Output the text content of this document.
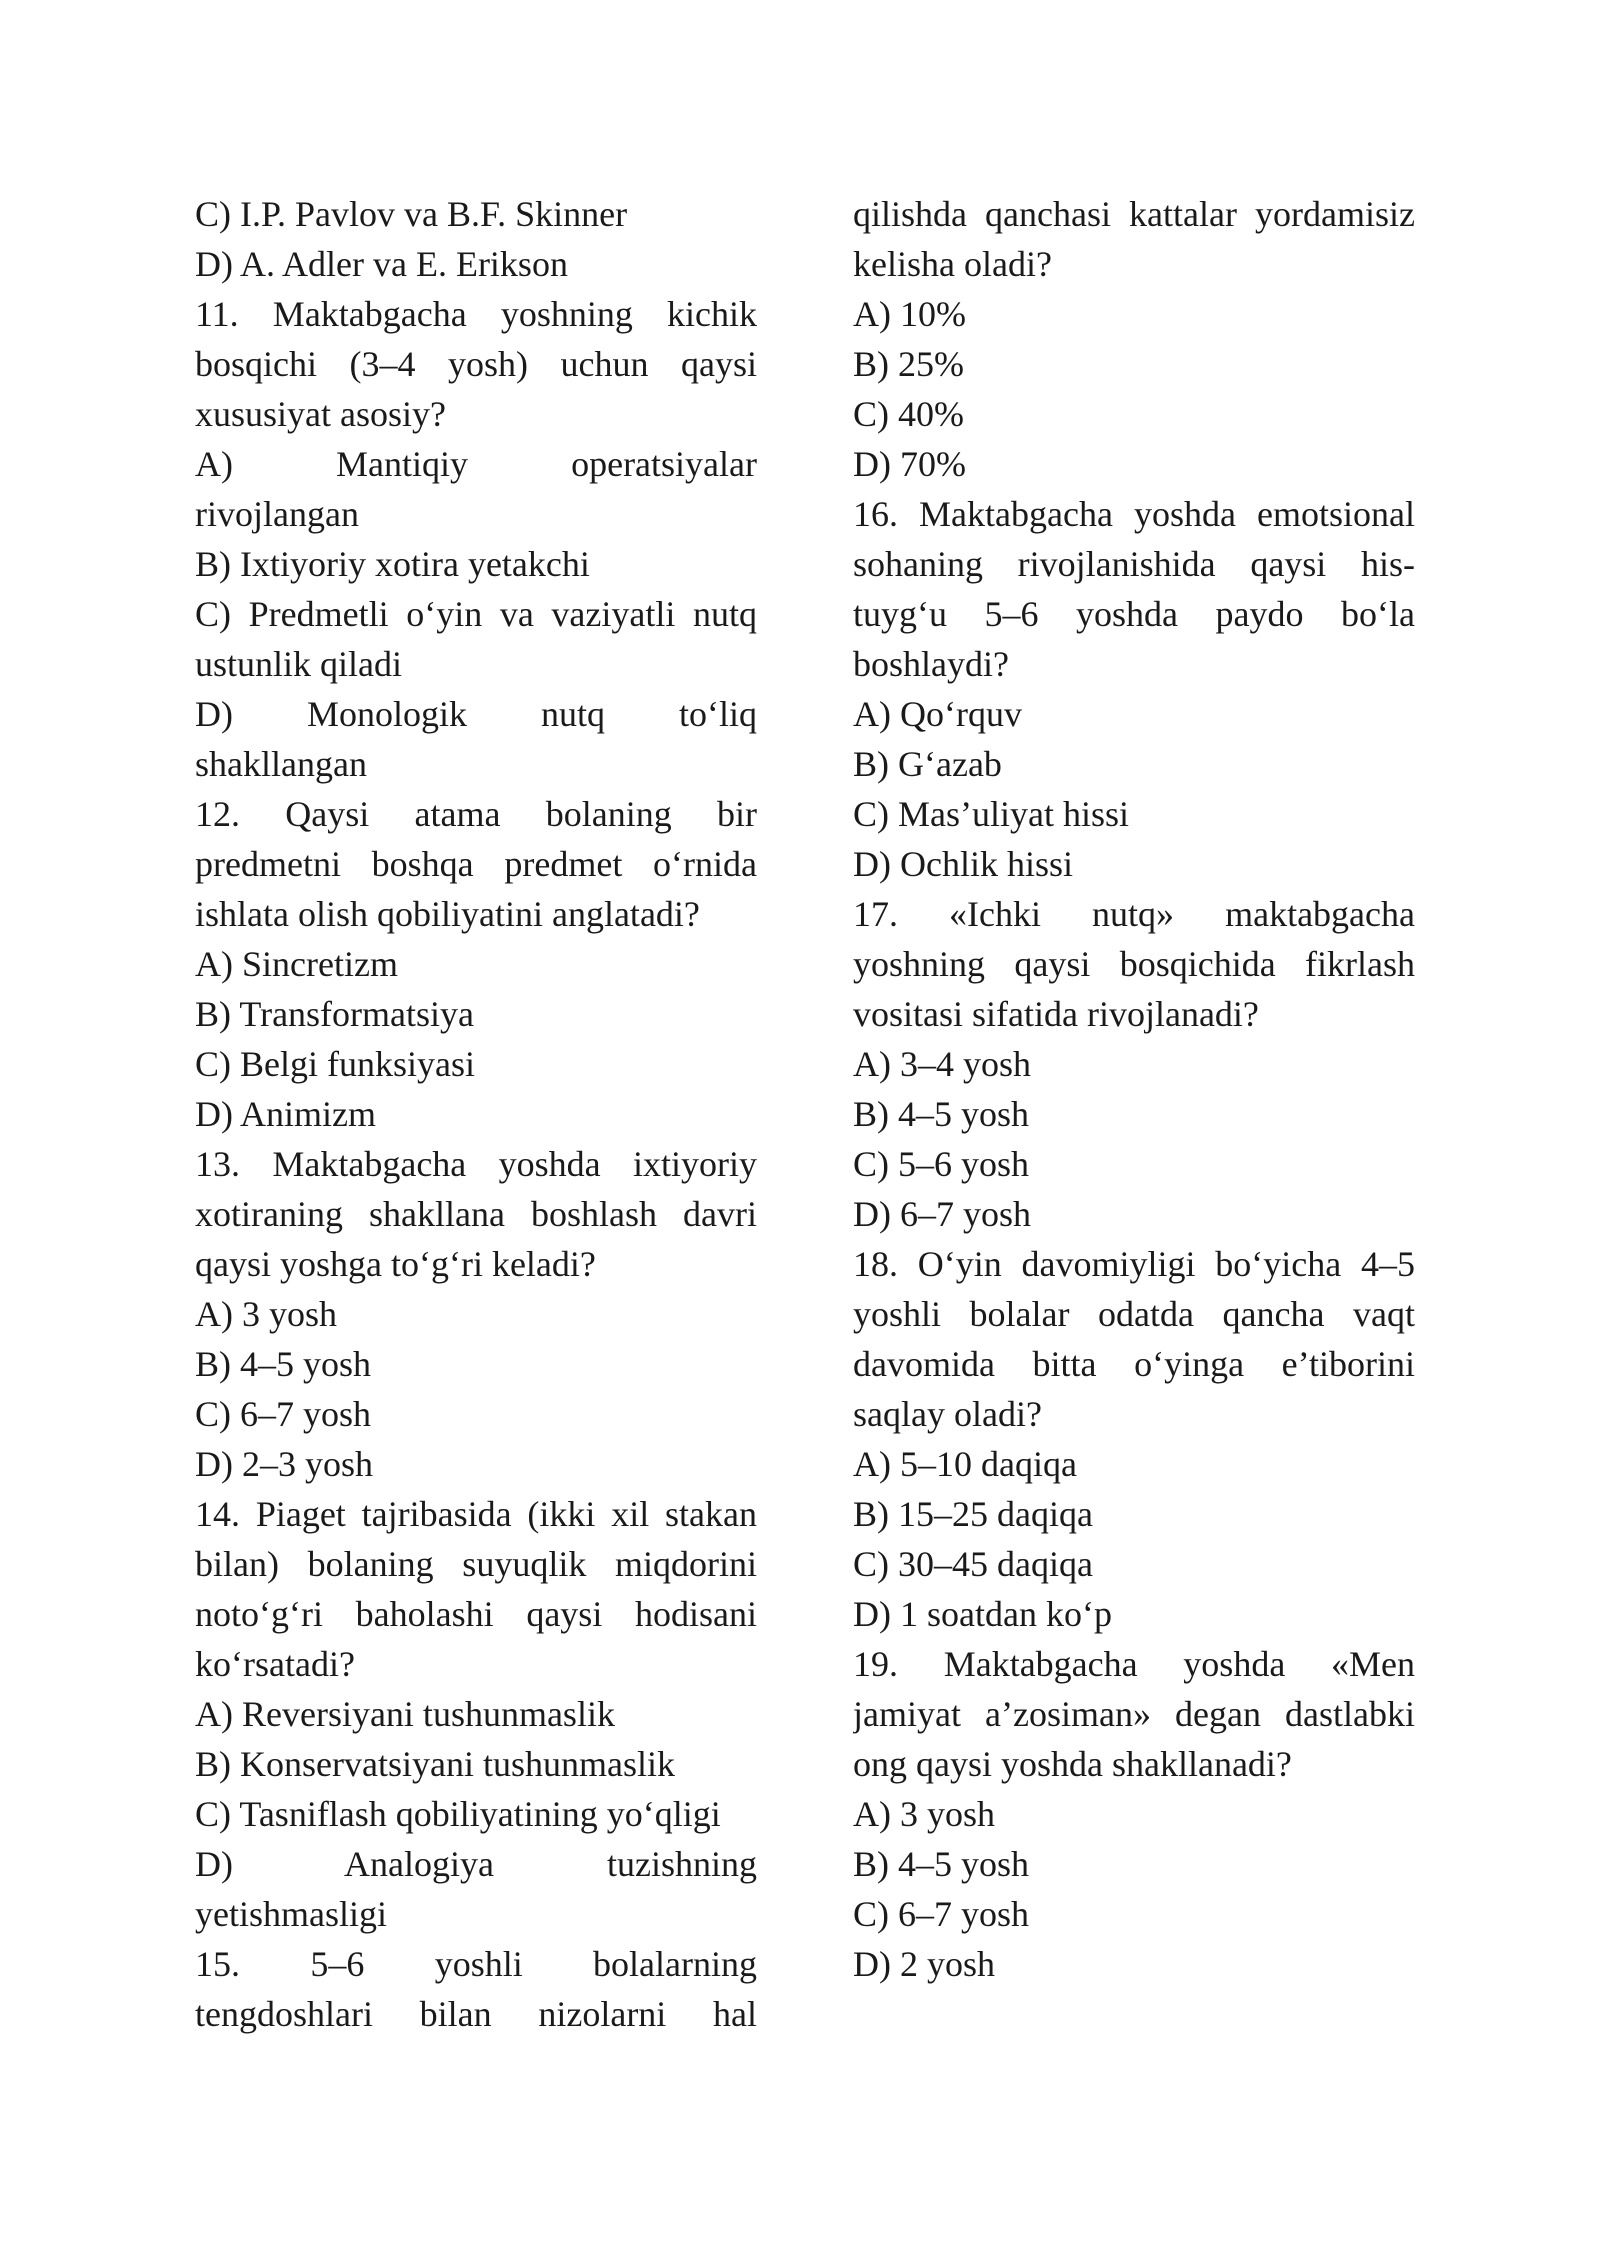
C) I.P. Pavlov va B.F. Skinner
D) A. Adler va E. Erikson
11. Maktabgacha yoshning kichik
bosqichi (3–4 yosh) uchun qaysi
xususiyat asosiy?
A) Mantiqiy operatsiyalar
rivojlangan
B) Ixtiyoriy xotira yetakchi
C) Predmetli o‘yin va vaziyatli nutq
ustunlik qiladi
D) Monologik nutq to‘liq
shakllangan
12. Qaysi atama bolaning bir
predmetni boshqa predmet o‘rnida
ishlata olish qobiliyatini anglatadi?
A) Sincretizm
B) Transformatsiya
C) Belgi funksiyasi
D) Animizm
13. Maktabgacha yoshda ixtiyoriy
xotiraning shakllana boshlash davri
qaysi yoshga to‘g‘ri keladi?
A) 3 yosh
B) 4–5 yosh
C) 6–7 yosh
D) 2–3 yosh
14. Piaget tajribasida (ikki xil stakan
bilan) bolaning suyuqlik miqdorini
noto‘g‘ri baholashi qaysi hodisani
ko‘rsatadi?
A) Reversiyani tushunmaslik
B) Konservatsiyani tushunmaslik
C) Tasniflash qobiliyatining yo‘qligi
D) Analogiya tuzishning
yetishmasligi
15. 5–6 yoshli bolalarning
tengdoshlari bilan nizolarni hal
qilishda qanchasi kattalar yordamisiz
kelisha oladi?
A) 10%
B) 25%
C) 40%
D) 70%
16. Maktabgacha yoshda emotsional
sohaning rivojlanishida qaysi his-
tuyg‘u 5–6 yoshda paydo bo‘la
boshlaydi?
A) Qo‘rquv
B) G‘azab
C) Mas’uliyat hissi
D) Ochlik hissi
17. «Ichki nutq» maktabgacha
yoshning qaysi bosqichida fikrlash
vositasi sifatida rivojlanadi?
A) 3–4 yosh
B) 4–5 yosh
C) 5–6 yosh
D) 6–7 yosh
18. O‘yin davomiyligi bo‘yicha 4–5
yoshli bolalar odatda qancha vaqt
davomida bitta o‘yinga e’tiborini
saqlay oladi?
A) 5–10 daqiqa
B) 15–25 daqiqa
C) 30–45 daqiqa
D) 1 soatdan ko‘p
19. Maktabgacha yoshda «Men
jamiyat a’zosiman» degan dastlabki
ong qaysi yoshda shakllanadi?
A) 3 yosh
B) 4–5 yosh
C) 6–7 yosh
D) 2 yosh
